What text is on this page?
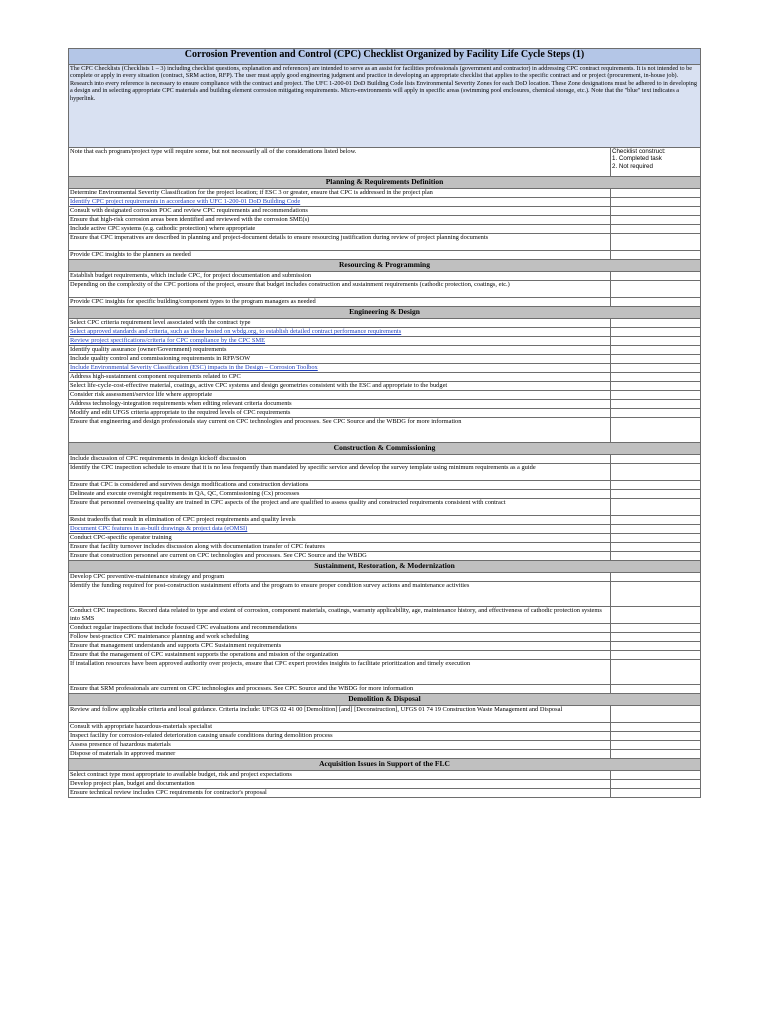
Corrosion Prevention and Control (CPC) Checklist Organized by Facility Life Cycle Steps (1)	
The CPC Checklists (Checklists 1 – 3) including checklist questions, explanation and references) are intended to serve as an assist for facilities professionals (government and contractor) in addressing CPC contract requirements. It is not intended to be complete or apply in every situation (contract, SRM action, RFP). The user must apply good engineering judgment and practice in developing an appropriate checklist that applies to the specific contract and or project (procurement, in-house job). Research into every reference is necessary to ensure compliance with the contract and project. The UFC 1-200-01 DoD Building Code lists Environmental Severity Zones for each DoD location. These Zone designations must be adhered to in developing a design and in selecting appropriate CPC materials and building element corrosion mitigating requirements. Micro-environments will apply in specific areas (swimming pool enclosures, chemical storage, etc.). Note that the "blue" text indicates a hyperlink.	
Note that each program/project type will require some, but not necessarily all of the considerations listed below.	Checklist construct:
1. Completed task
2. Not required

Planning & Requirements Definition	
Determine Environmental Severity Classification for the project location; if ESC 3 or greater, ensure that CPC is addressed in the project plan	
Identify CPC project requirements in accordance with UFC 1-200-01 DoD Building Code	
Consult with designated corrosion POC and review CPC requirements and recommendations	
Ensure that high-risk corrosion areas been identified and reviewed with the corrosion SME(s)	
Include active CPC systems (e.g. cathodic protection) where appropriate	
Ensure that CPC imperatives are described in planning and project-document details to ensure resourcing justification during review of project planning documents	
Provide CPC insights to the planners as needed	
Resourcing & Programming	
Establish budget requirements, which include CPC, for project documentation and submission	
Depending on the complexity of the CPC portions of the project, ensure that budget includes construction and sustainment requirements (cathodic protection, coatings, etc.)	
Provide CPC insights for specific building/component types to the program managers as needed	
Engineering & Design	
Select CPC criteria requirement level associated with the contract type	
Select approved standards and criteria, such as those hosted on wbdg.org, to establish detailed contract performance requirements	
Review project specifications/criteria for CPC compliance by the CPC SME	
Identify quality assurance (owner/Government) requirements	
Include quality control and commissioning requirements in RFP/SOW	
Include Environmental Severity Classification (ESC) impacts in the Design – Corrosion Toolbox	
Address high-sustainment component requirements related to CPC	
Select life-cycle-cost-effective material, coatings, active CPC systems and design geometries consistent with the ESC and appropriate to the budget	
Consider risk assessment/service life where appropriate	
Address technology-integration requirements when editing relevant criteria documents	
Modify and edit UFGS criteria appropriate to the required levels of CPC requirements	
Ensure that engineering and design professionals stay current on CPC technologies and processes. See CPC Source and the WBDG for more information	
Construction & Commissioning	
Include discussion of CPC requirements in design kickoff discussion	
Identify the CPC inspection schedule to ensure that it is no less frequently than mandated by specific service and develop the survey template using minimum requirements as a guide	
Ensure that CPC is considered and survives design modifications and construction deviations	
Delineate and execute oversight requirements in QA, QC, Commissioning (Cx) processes	
Ensure that personnel overseeing quality are trained in CPC aspects of the project and are qualified to assess quality and constructed requirements consistent with contract	
Resist tradeoffs that result in elimination of CPC project requirements and quality levels	
Document CPC features in as-built drawings & project data (eOMSI)	
Conduct CPC-specific operator training	
Ensure that facility turnover includes discussion along with documentation transfer of CPC features	
Ensure that construction personnel are current on CPC technologies and processes. See CPC Source and the WBDG	
Sustainment, Restoration, & Modernization	
Develop CPC preventive-maintenance strategy and program	
Identify the funding required for post-construction sustainment efforts and the program to ensure proper condition survey actions and maintenance activities	
Conduct CPC inspections. Record data related to type and extent of corrosion, component materials, coatings, warranty applicability, age, maintenance history, and effectiveness of cathodic protection systems into SMS	
Conduct regular inspections that include focused CPC evaluations and recommendations	
Follow best-practice CPC maintenance planning and work scheduling	
Ensure that management understands and supports CPC Sustainment requirements	
Ensure that the management of CPC sustainment supports the operations and mission of the organization	
If installation resources have been approved authority over projects, ensure that CPC expert provides insights to facilitate prioritization and timely execution	
Ensure that SRM professionals are current on CPC technologies and processes. See CPC Source and the WBDG for more information	
Demolition & Disposal	
Review and follow applicable criteria and local guidance. Criteria include: UFGS 02 41 00 [Demolition] [and] [Deconstruction], UFGS 01 74 19 Construction Waste Management and Disposal	
Consult with appropriate hazardous-materials specialist	
Inspect facility for corrosion-related deterioration causing unsafe conditions during demolition process	
Assess presence of hazardous materials	
Dispose of materials in approved manner	
Acquisition Issues in Support of the FLC	
Select contract type most appropriate to available budget, risk and project expectations	
Develop project plan, budget and documentation	
Ensure technical review includes CPC requirements for contractor's proposal	
